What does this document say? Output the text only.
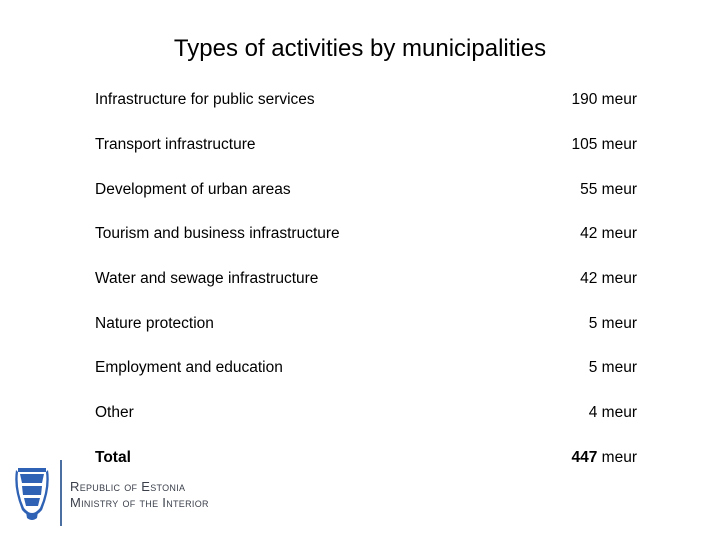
Types of activities by municipalities
Infrastructure for public services	190 meur
Transport infrastructure	105 meur
Development of urban areas	55 meur
Tourism and business infrastructure	42 meur
Water and sewage infrastructure	42 meur
Nature protection	5 meur
Employment and education	5 meur
Other	4 meur
Total	447 meur
Republic of Estonia
Ministry of the Interior
